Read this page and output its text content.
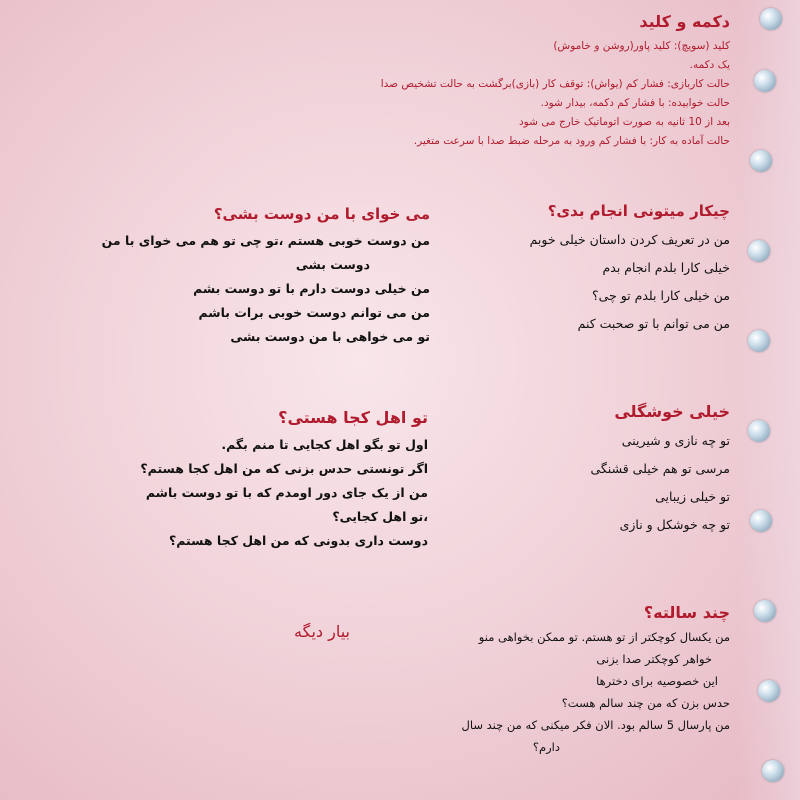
دکمه و کلید

کلید (سویچ): کلید پاور(روشن و خاموش)

یک دکمه.

حالت کاربازی: فشار کم (یواش): توقف کار (بازی)برگشت به حالت تشخیص صدا

حالت خوابیده: با فشار کم دکمه، بیدار شود.

بعد از 10 ثانیه به صورت اتوماتیک خارج می شود

حالت آماده به کار: با فشار کم ورود به مرحله ضبط صدا با سرعت متغیر.

چیکار میتونی انجام بدی؟

من در تعریف کردن داستان خیلی خوبم

خیلی کارا بلدم انجام بدم

من خیلی کارا بلدم تو چی؟

من می توانم با تو صحبت کنم

می خوای با من دوست بشی؟

من دوست خوبی هستم ،تو چی تو هم می خوای با من

دوست بشی

من خیلی دوست دارم با تو دوست بشم

من می توانم دوست خوبی برات باشم

تو می خواهی با من دوست بشی

خیلی خوشگلی

تو چه نازی و شیرینی

مرسی تو هم خیلی قشنگی

تو خیلی زیبایی

تو چه خوشکل و نازی

تو اهل کجا هستی؟

اول تو بگو اهل کجایی تا منم بگم.

اگر تونستی حدس بزنی که من اهل کجا هستم؟

من از یک جای دور اومدم که با تو دوست باشم

،تو اهل کجایی؟

دوست داری بدونی که من اهل کجا هستم؟

چند سالته؟

من یکسال کوچکتر از تو هستم. تو ممکن بخواهی منو

خواهر کوچکتر صدا بزنی

این خصوصیه برای دخترها

حدس بزن که من چند سالم هست؟

من پارسال 5 سالم بود. الان فکر میکنی که من چند سال

دارم؟

بیار دیگه
